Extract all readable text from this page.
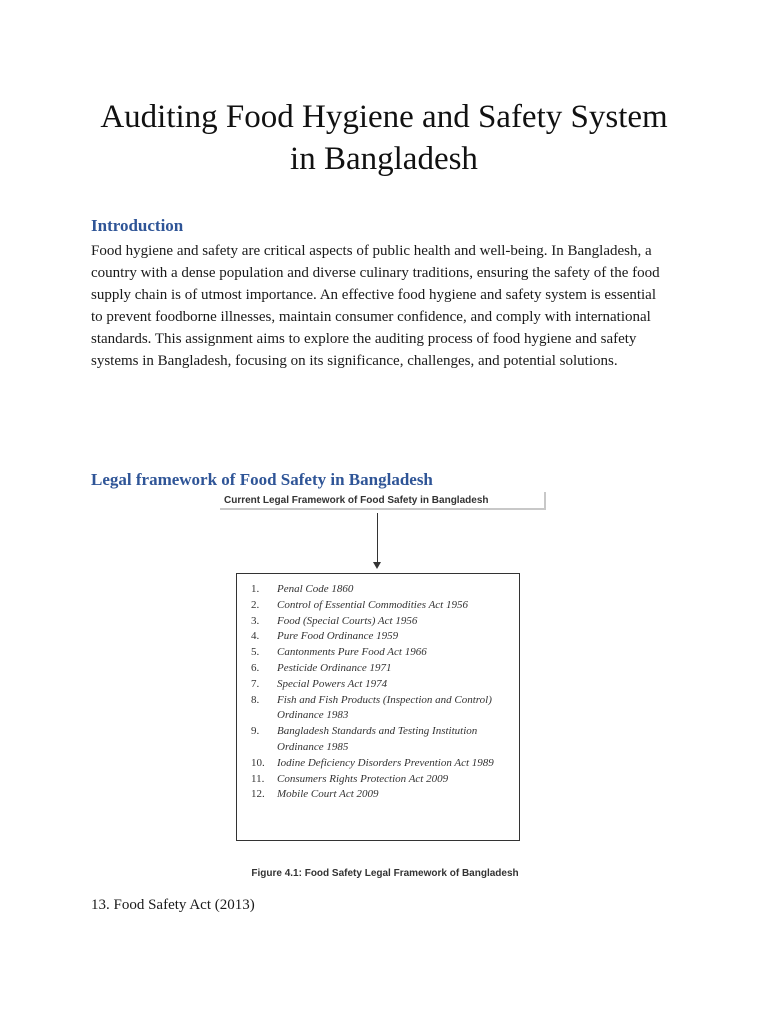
Auditing Food Hygiene and Safety System
in Bangladesh
Introduction

Food hygiene and safety are critical aspects of public health and well-being. In Bangladesh, a country with a dense population and diverse culinary traditions, ensuring the safety of the food supply chain is of utmost importance. An effective food hygiene and safety system is essential to prevent foodborne illnesses, maintain consumer confidence, and comply with international standards. This assignment aims to explore the auditing process of food hygiene and safety systems in Bangladesh, focusing on its significance, challenges, and potential solutions.

Legal framework of Food Safety in Bangladesh
Current Legal Framework of Food Safety in Bangladesh
1.	Penal Code 1860
2.	Control of Essential Commodities Act 1956
3.	Food (Special Courts) Act 1956
4.	Pure Food Ordinance 1959
5.	Cantonments Pure Food Act 1966
6.	Pesticide Ordinance 1971
7.	Special Powers Act 1974
8.	Fish and Fish Products (Inspection and Control) Ordinance 1983
9.	Bangladesh Standards and Testing Institution Ordinance 1985
10.	Iodine Deficiency Disorders Prevention Act 1989
11.	Consumers Rights Protection Act 2009
12.	Mobile Court Act 2009
Figure 4.1: Food Safety Legal Framework of Bangladesh

13. Food Safety Act (2013)
